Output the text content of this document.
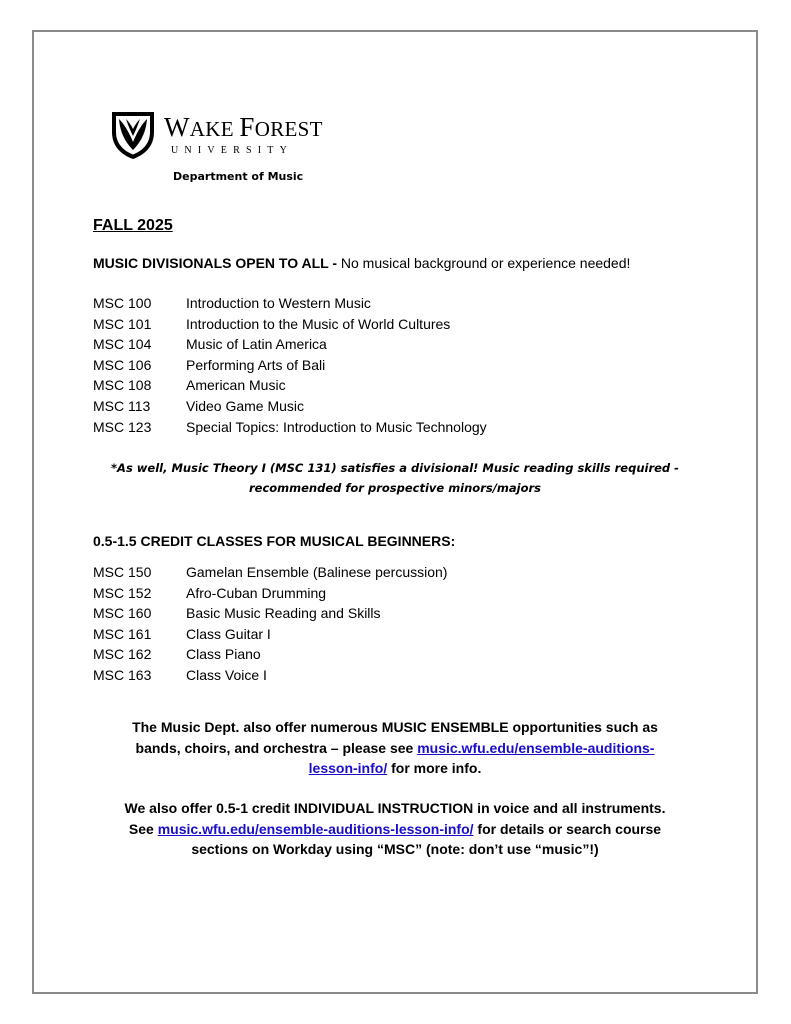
WAKE FOREST
UNIVERSITY
Department of Music
FALL 2025
MUSIC DIVISIONALS OPEN TO ALL - No musical background or experience needed!
MSC 100 Introduction to Western Music
MSC 101 Introduction to the Music of World Cultures
MSC 104 Music of Latin America
MSC 106 Performing Arts of Bali
MSC 108 American Music
MSC 113	Video Game Music
MSC 123 Special Topics: Introduction to Music Technology
*As well, Music Theory I (MSC 131) satisfies a divisional! Music reading skills required -
recommended for prospective minors/majors
0.5-1.5 CREDIT CLASSES FOR MUSICAL BEGINNERS:
MSC 150 Gamelan Ensemble (Balinese percussion)
MSC 152 Afro-Cuban Drumming
MSC 160 Basic Music Reading and Skills
MSC 161 Class Guitar I
MSC 162 Class Piano
MSC 163 Class Voice I
The Music Dept. also offer numerous MUSIC ENSEMBLE opportunities such as
bands, choirs, and orchestra – please see music.wfu.edu/ensemble-auditions-
lesson-info/ for more info.
We also offer 0.5-1 credit INDIVIDUAL INSTRUCTION in voice and all instruments.
See music.wfu.edu/ensemble-auditions-lesson-info/ for details or search course
sections on Workday using “MSC” (note: don’t use “music”!)
